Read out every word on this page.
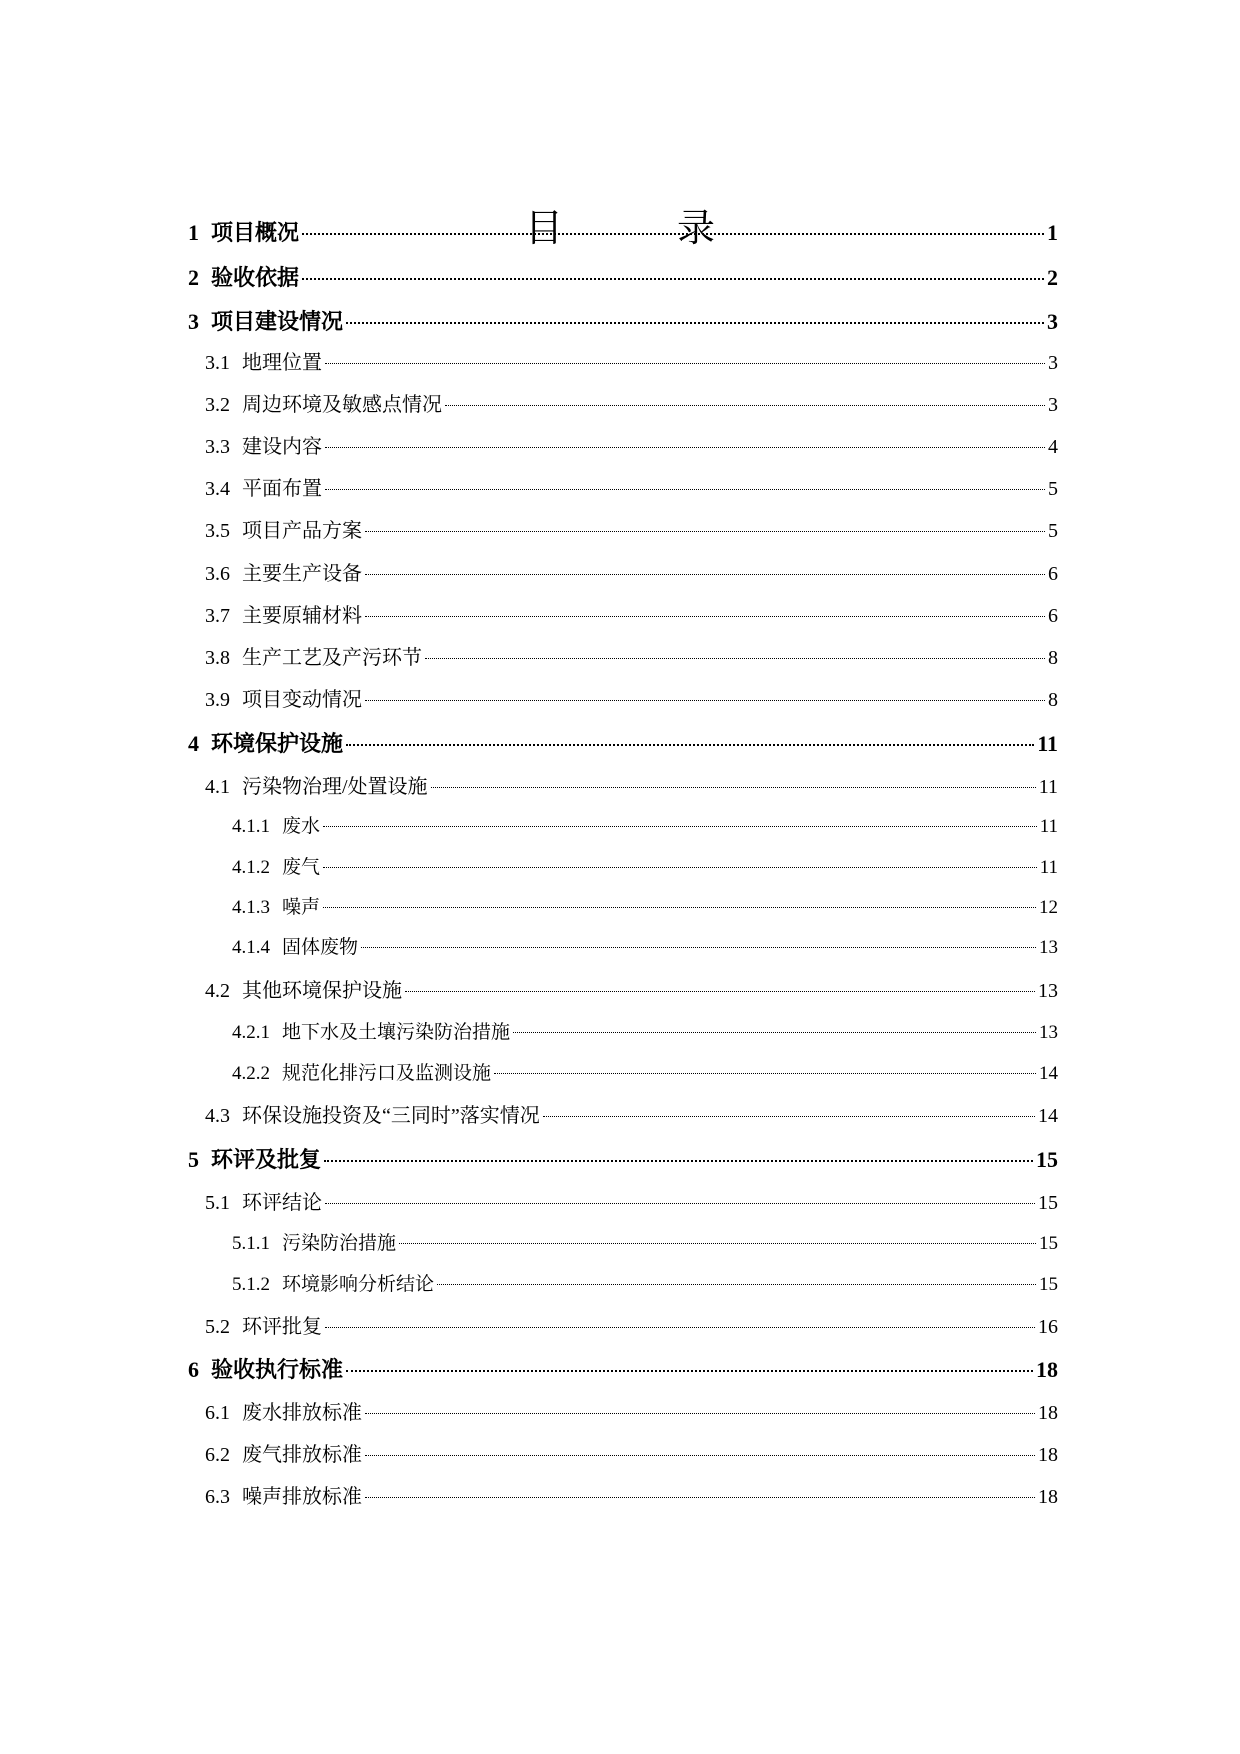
目　录
1 项目概况	1
2 验收依据	2
3 项目建设情况	3
3.1 地理位置	3
3.2 周边环境及敏感点情况	3
3.3 建设内容	4
3.4 平面布置	5
3.5 项目产品方案	5
3.6 主要生产设备	6
3.7 主要原辅材料	6
3.8 生产工艺及产污环节	8
3.9 项目变动情况	8
4 环境保护设施	11
4.1 污染物治理/处置设施	11
4.1.1 废水	11
4.1.2 废气	11
4.1.3 噪声	12
4.1.4 固体废物	13
4.2 其他环境保护设施	13
4.2.1 地下水及土壤污染防治措施	13
4.2.2 规范化排污口及监测设施	14
4.3 环保设施投资及“三同时”落实情况	14
5 环评及批复	15
5.1 环评结论	15
5.1.1 污染防治措施	15
5.1.2 环境影响分析结论	15
5.2 环评批复	16
6 验收执行标准	18
6.1 废水排放标准	18
6.2 废气排放标准	18
6.3 噪声排放标准	18
